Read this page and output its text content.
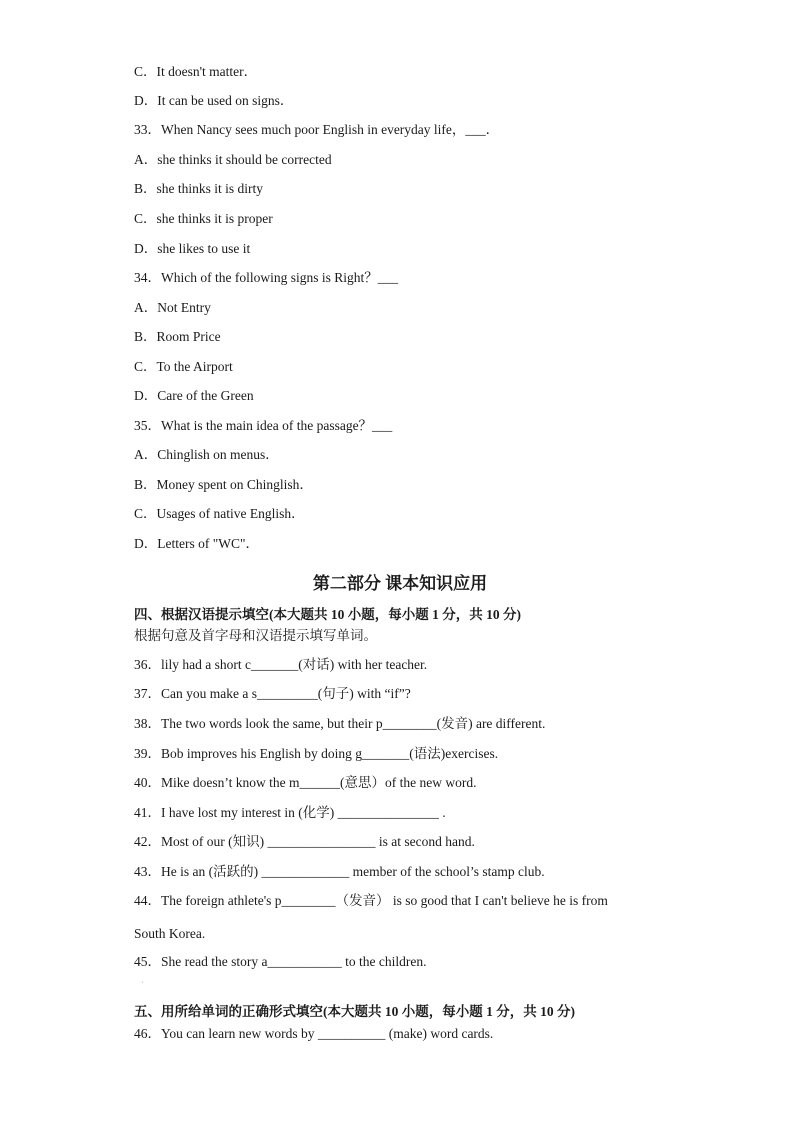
C．It doesn't matter．
D．It can be used on signs．
33．When Nancy sees much poor English in everyday life，___．
A．she thinks it should be corrected
B．she thinks it is dirty
C．she thinks it is proper
D．she likes to use it
34．Which of the following signs is Right？___
A．Not Entry
B．Room Price
C．To the Airport
D．Care of the Green
35．What is the main idea of the passage？___
A．Chinglish on menus．
B．Money spent on Chinglish．
C．Usages of native English．
D．Letters of "WC"．
第二部分 课本知识应用
四、根据汉语提示填空(本大题共 10 小题，每小题 1 分，共 10 分)
根据句意及首字母和汉语提示填写单词。
36．lily had a short c_______(对话) with her teacher.
37．Can you make a s_________(句子) with “if”?
38．The two words look the same, but their p________(发音) are different.
39．Bob improves his English by doing g_______(语法)exercises.
40．Mike doesn’t know the m______(意思）of the new word.
41．I have lost my interest in (化学) _______________ .
42．Most of our (知识) ________________ is at second hand.
43．He is an (活跃的) _____________ member of the school’s stamp club.
44．The foreign athlete's p________（发音） is so good that I can't believe he is from
South Korea.
45．She read the story a___________ to the children.
·
五、用所给单词的正确形式填空(本大题共 10 小题，每小题 1 分，共 10 分)
46．You can learn new words by __________ (make) word cards.
